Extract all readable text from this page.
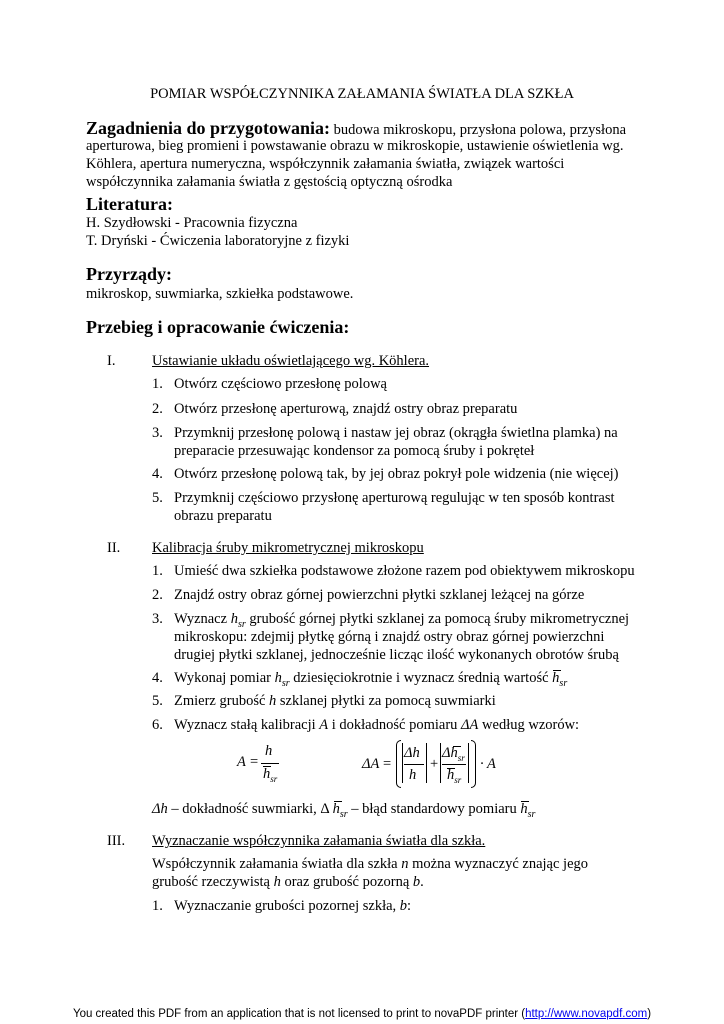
POMIAR WSPÓŁCZYNNIKA ZAŁAMANIA ŚWIATŁA DLA SZKŁA
Zagadnienia do przygotowania: budowa mikroskopu, przysłona polowa, przysłona
aperturowa, bieg promieni i powstawanie obrazu w mikroskopie, ustawienie oświetlenia wg.
Köhlera, apertura numeryczna, współczynnik załamania światła, związek wartości
współczynnika załamania światła z gęstością optyczną ośrodka
Literatura:
H. Szydłowski - Pracownia fizyczna
T. Dryński - Ćwiczenia laboratoryjne z fizyki
Przyrządy:
mikroskop, suwmiarka, szkiełka podstawowe.
Przebieg i opracowanie ćwiczenia:
I.	Ustawianie układu oświetlającego wg. Köhlera.
1. Otwórz częściowo przesłonę polową
2. Otwórz przesłonę aperturową, znajdź ostry obraz preparatu
3. Przymknij przesłonę polową i nastaw jej obraz (okrągła świetlna plamka) na
preparacie przesuwając kondensor za pomocą śruby i pokręteł
4. Otwórz przesłonę polową tak, by jej obraz pokrył pole widzenia (nie więcej)
5. Przymknij częściowo przysłonę aperturową regulując w ten sposób kontrast
obrazu preparatu
II. Kalibracja śruby mikrometrycznej mikroskopu
1. Umieść dwa szkiełka podstawowe złożone razem pod obiektywem mikroskopu
2. Znajdź ostry obraz górnej powierzchni płytki szklanej leżącej na górze
3. Wyznacz $h_{sr}$ grubość górnej płytki szklanej za pomocą śruby mikrometrycznej
mikroskopu: zdejmij płytkę górną i znajdź ostry obraz górnej powierzchni
drugiej płytki szklanej, jednocześnie licząc ilość wykonanych obrotów śrubą
4. Wykonaj pomiar $h_{sr}$ dziesięciokrotnie i wyznacz średnią wartość $h_{sr}$
5. Zmierz grubość h szklanej płytki za pomocą suwmiarki
6. Wyznacz stałą kalibracji A i dokładność pomiaru ΔA według wzorów:
A =
h
$h_{sr}$
ΔA =
Δh
h
+
$\Delta h_{sr}$
$h_{sr}$
· A
Δh – dokładność suwmiarki, Δ $h_{sr}$ – błąd standardowy pomiaru $h_{sr}$
III. Wyznaczanie współczynnika załamania światła dla szkła.
Współczynnik załamania światła dla szkła n można wyznaczyć znając jego
grubość rzeczywistą h oraz grubość pozorną b.
1. Wyznaczanie grubości pozornej szkła, b:
You created this PDF from an application that is not licensed to print to novaPDF printer (http://www.novapdf.com)
